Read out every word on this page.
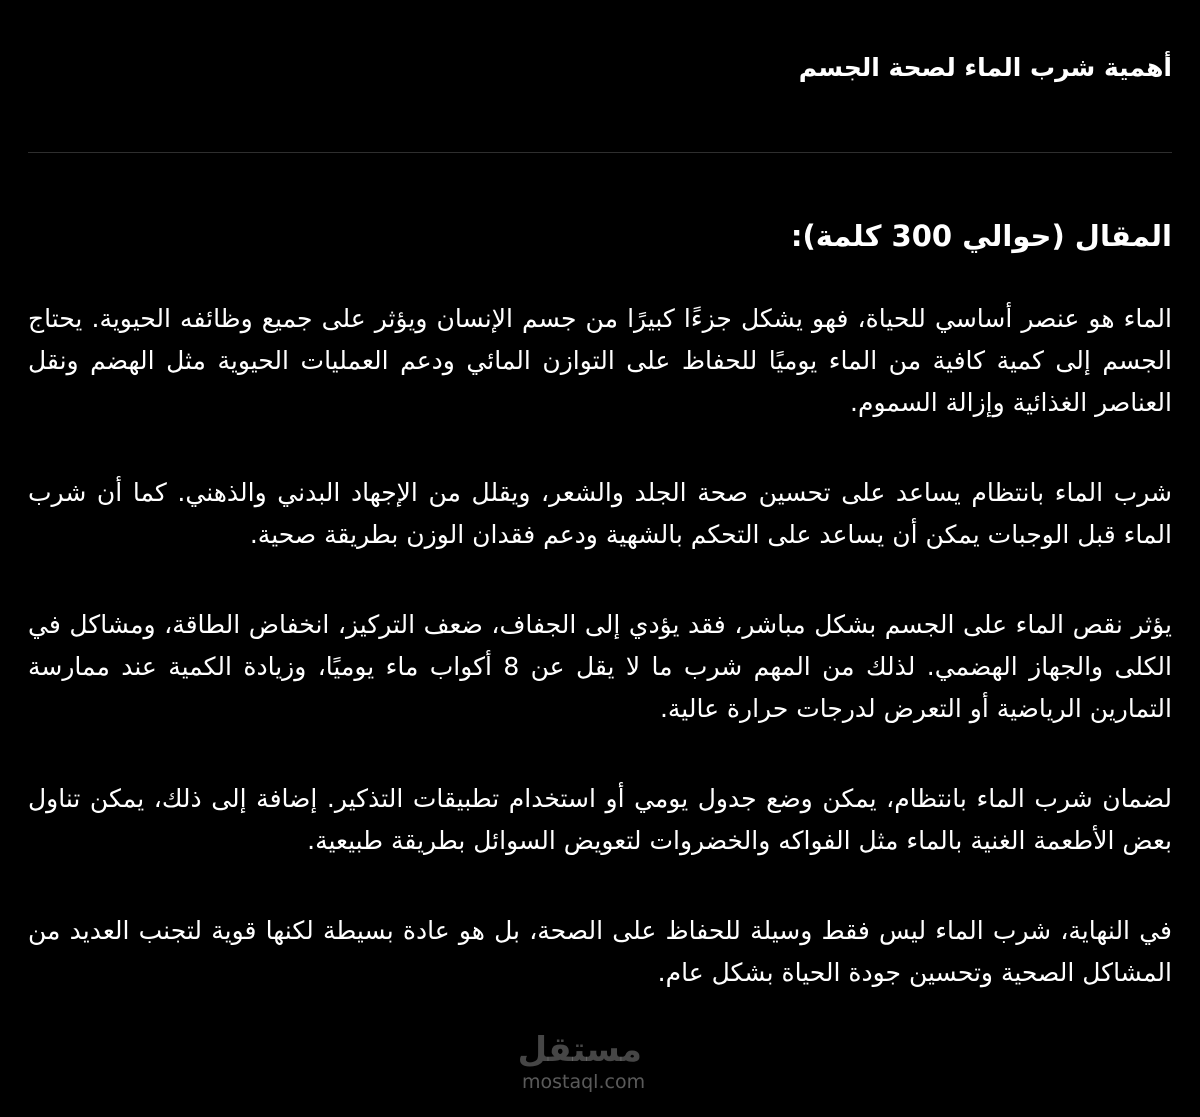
أهمية شرب الماء لصحة الجسم
المقال (حوالي 300 كلمة):

الماء هو عنصر أساسي للحياة، فهو يشكل جزءًا كبيرًا من جسم الإنسان ويؤثر على جميع وظائفه الحيوية. يحتاج الجسم إلى كمية كافية من الماء يوميًا للحفاظ على التوازن المائي ودعم العمليات الحيوية مثل الهضم ونقل العناصر الغذائية وإزالة السموم.

شرب الماء بانتظام يساعد على تحسين صحة الجلد والشعر، ويقلل من الإجهاد البدني والذهني. كما أن شرب الماء قبل الوجبات يمكن أن يساعد على التحكم بالشهية ودعم فقدان الوزن بطريقة صحية.

يؤثر نقص الماء على الجسم بشكل مباشر، فقد يؤدي إلى الجفاف، ضعف التركيز، انخفاض الطاقة، ومشاكل في الكلى والجهاز الهضمي. لذلك من المهم شرب ما لا يقل عن 8 أكواب ماء يوميًا، وزيادة الكمية عند ممارسة التمارين الرياضية أو التعرض لدرجات حرارة عالية.

لضمان شرب الماء بانتظام، يمكن وضع جدول يومي أو استخدام تطبيقات التذكير. إضافة إلى ذلك، يمكن تناول بعض الأطعمة الغنية بالماء مثل الفواكه والخضروات لتعويض السوائل بطريقة طبيعية.

في النهاية، شرب الماء ليس فقط وسيلة للحفاظ على الصحة، بل هو عادة بسيطة لكنها قوية لتجنب العديد من المشاكل الصحية وتحسين جودة الحياة بشكل عام.

مستقل
mostaql.com
